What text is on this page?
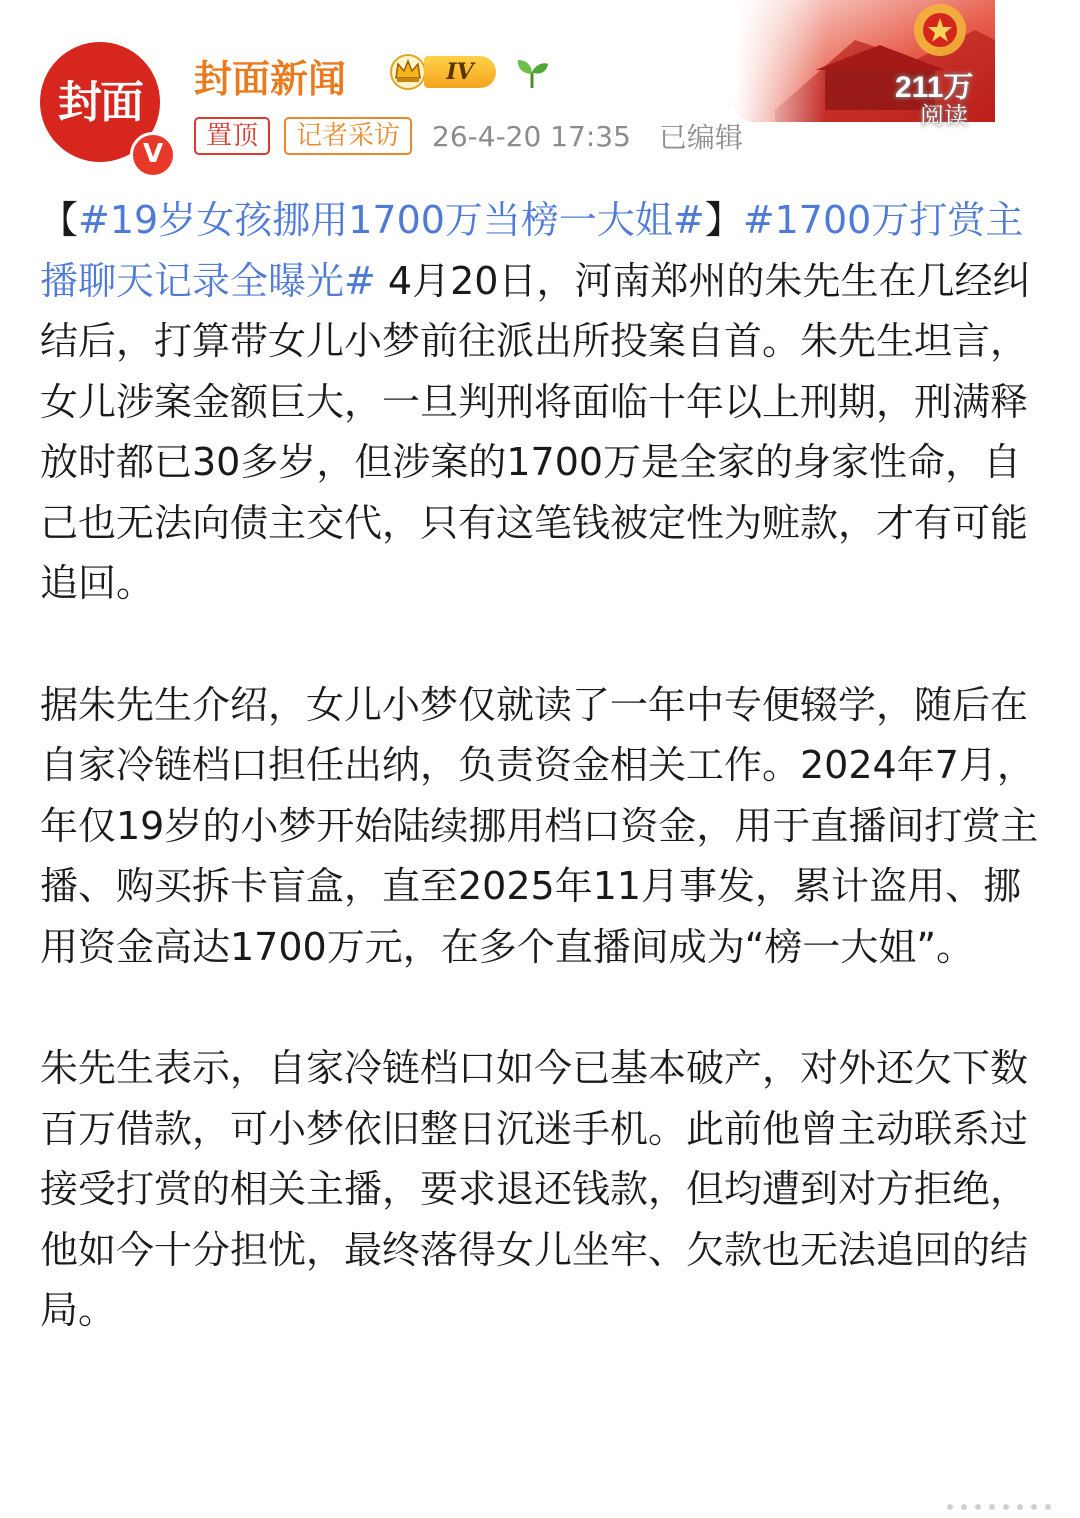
封面
V
封面新闻	IV
置顶	记者采访	26-4-20 17:35 已编辑
211万
阅读

【#19岁女孩挪用1700万当榜一大姐#】#1700万打赏主播聊天记录全曝光# 4月20日，河南郑州的朱先生在几经纠结后，打算带女儿小梦前往派出所投案自首。朱先生坦言，女儿涉案金额巨大，一旦判刑将面临十年以上刑期，刑满释放时都已30多岁，但涉案的1700万是全家的身家性命，自己也无法向债主交代，只有这笔钱被定性为赃款，才有可能追回。

据朱先生介绍，女儿小梦仅就读了一年中专便辍学，随后在自家冷链档口担任出纳，负责资金相关工作。2024年7月，年仅19岁的小梦开始陆续挪用档口资金，用于直播间打赏主播、购买拆卡盲盒，直至2025年11月事发，累计盗用、挪用资金高达1700万元，在多个直播间成为“榜一大姐”。

朱先生表示，自家冷链档口如今已基本破产，对外还欠下数百万借款，可小梦依旧整日沉迷手机。此前他曾主动联系过接受打赏的相关主播，要求退还钱款，但均遭到对方拒绝，他如今十分担忧，最终落得女儿坐牢、欠款也无法追回的结局。
